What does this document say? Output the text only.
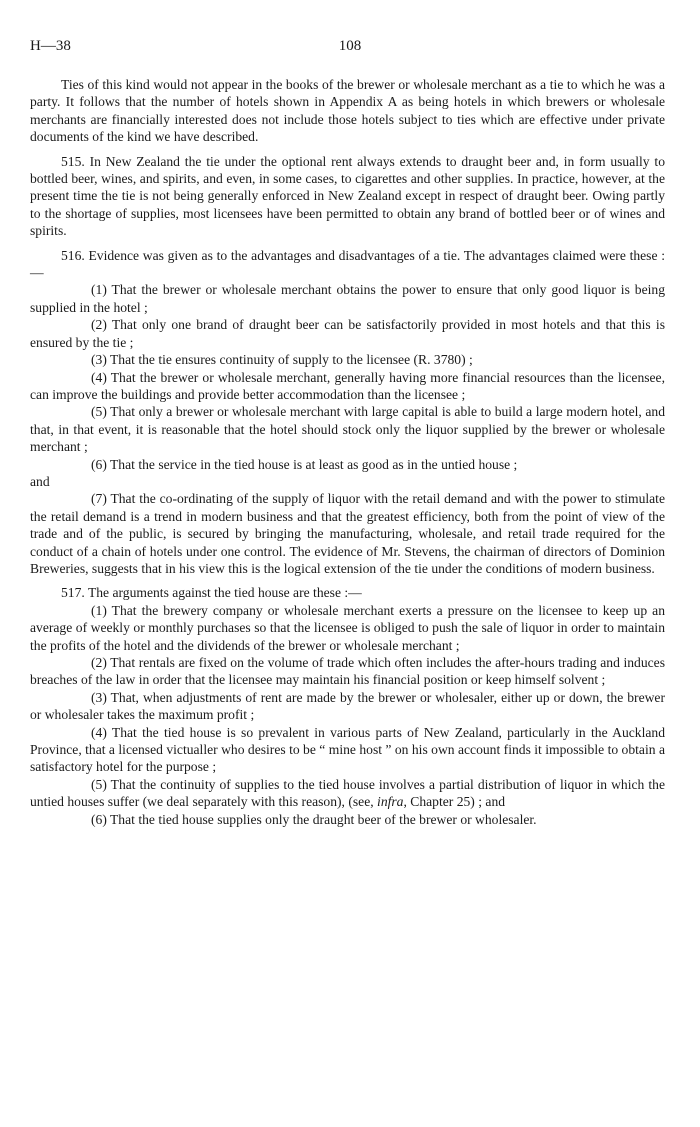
H—38	108

Ties of this kind would not appear in the books of the brewer or wholesale merchant as a tie to which he was a party. It follows that the number of hotels shown in Appendix A as being hotels in which brewers or wholesale merchants are financially interested does not include those hotels subject to ties which are effective under private documents of the kind we have described.

515. In New Zealand the tie under the optional rent always extends to draught beer and, in form usually to bottled beer, wines, and spirits, and even, in some cases, to cigarettes and other supplies. In practice, however, at the present time the tie is not being generally enforced in New Zealand except in respect of draught beer. Owing partly to the shortage of supplies, most licensees have been permitted to obtain any brand of bottled beer or of wines and spirits.

516. Evidence was given as to the advantages and disadvantages of a tie. The advantages claimed were these :—

(1) That the brewer or wholesale merchant obtains the power to ensure that only good liquor is being supplied in the hotel ;

(2) That only one brand of draught beer can be satisfactorily provided in most hotels and that this is ensured by the tie ;

(3) That the tie ensures continuity of supply to the licensee (R. 3780) ;

(4) That the brewer or wholesale merchant, generally having more financial resources than the licensee, can improve the buildings and provide better accommodation than the licensee ;

(5) That only a brewer or wholesale merchant with large capital is able to build a large modern hotel, and that, in that event, it is reasonable that the hotel should stock only the liquor supplied by the brewer or wholesale merchant ;

(6) That the service in the tied house is at least as good as in the untied house ;

and

(7) That the co-ordinating of the supply of liquor with the retail demand and with the power to stimulate the retail demand is a trend in modern business and that the greatest efficiency, both from the point of view of the trade and of the public, is secured by bringing the manufacturing, wholesale, and retail trade required for the conduct of a chain of hotels under one control. The evidence of Mr. Stevens, the chairman of directors of Dominion Breweries, suggests that in his view this is the logical extension of the tie under the conditions of modern business.

517. The arguments against the tied house are these :—

(1) That the brewery company or wholesale merchant exerts a pressure on the licensee to keep up an average of weekly or monthly purchases so that the licensee is obliged to push the sale of liquor in order to maintain the profits of the hotel and the dividends of the brewer or wholesale merchant ;

(2) That rentals are fixed on the volume of trade which often includes the after-hours trading and induces breaches of the law in order that the licensee may maintain his financial position or keep himself solvent ;

(3) That, when adjustments of rent are made by the brewer or wholesaler, either up or down, the brewer or wholesaler takes the maximum profit ;

(4) That the tied house is so prevalent in various parts of New Zealand, particularly in the Auckland Province, that a licensed victualler who desires to be “ mine host ” on his own account finds it impossible to obtain a satisfactory hotel for the purpose ;

(5) That the continuity of supplies to the tied house involves a partial distribution of liquor in which the untied houses suffer (we deal separately with this reason), (see, infra, Chapter 25) ; and

(6) That the tied house supplies only the draught beer of the brewer or wholesaler.
